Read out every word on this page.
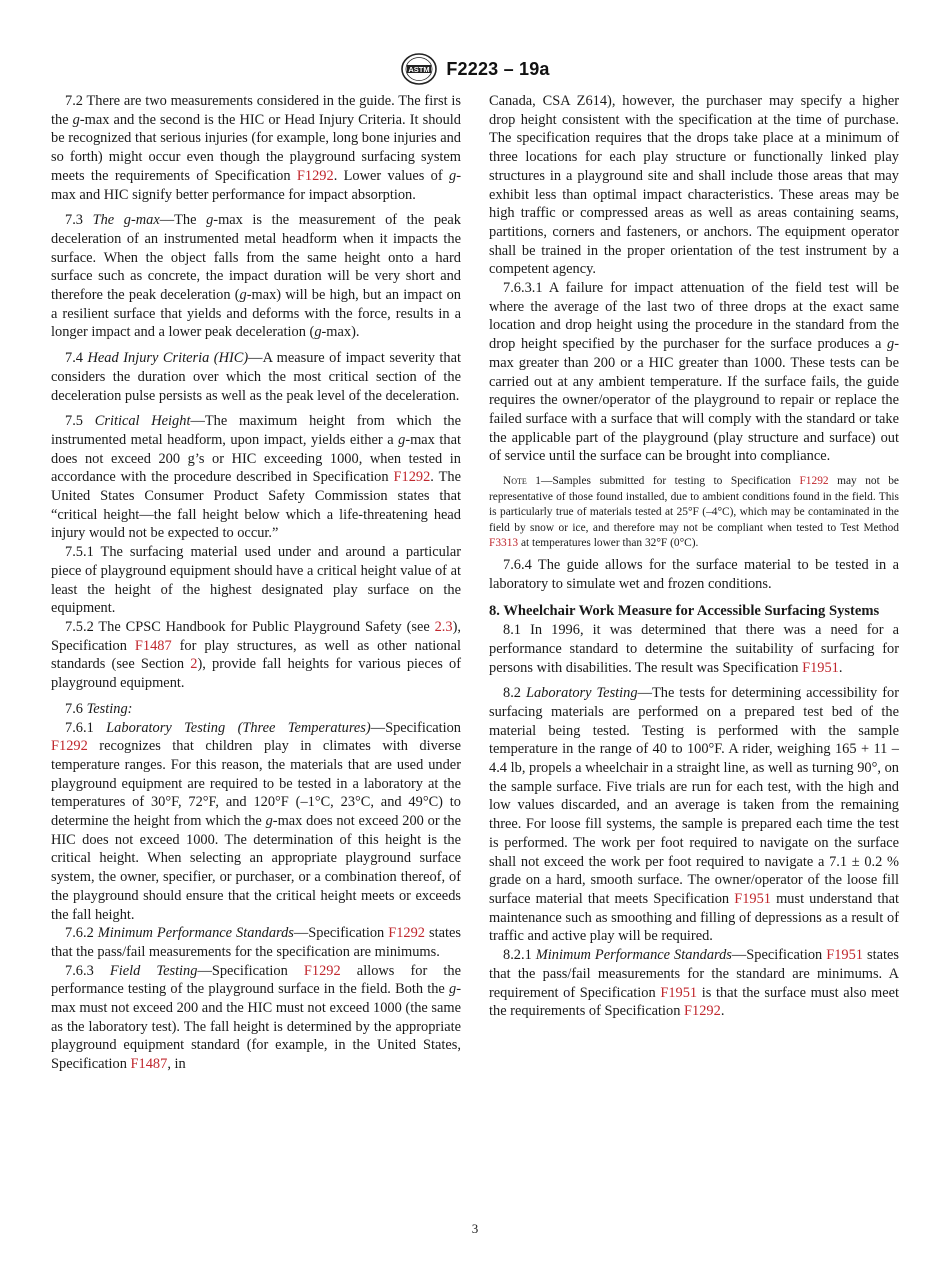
ASTM F2223 – 19a

7.2 There are two measurements considered in the guide. The first is the g-max and the second is the HIC or Head Injury Criteria. It should be recognized that serious injuries (for example, long bone injuries and so forth) might occur even though the playground surfacing system meets the requirements of Specification F1292. Lower values of g-max and HIC signify better performance for impact absorption.

7.3 The g-max—The g-max is the measurement of the peak deceleration of an instrumented metal headform when it impacts the surface. When the object falls from the same height onto a hard surface such as concrete, the impact duration will be very short and therefore the peak deceleration (g-max) will be high, but an impact on a resilient surface that yields and deforms with the force, results in a longer impact and a lower peak deceleration (g-max).

7.4 Head Injury Criteria (HIC)—A measure of impact severity that considers the duration over which the most critical section of the deceleration pulse persists as well as the peak level of the deceleration.

7.5 Critical Height—The maximum height from which the instrumented metal headform, upon impact, yields either a g-max that does not exceed 200 g’s or HIC exceeding 1000, when tested in accordance with the procedure described in Specification F1292. The United States Consumer Product Safety Commission states that “critical height—the fall height below which a life-threatening head injury would not be expected to occur.”

7.5.1 The surfacing material used under and around a particular piece of playground equipment should have a critical height value of at least the height of the highest designated play surface on the equipment.

7.5.2 The CPSC Handbook for Public Playground Safety (see 2.3), Specification F1487 for play structures, as well as other national standards (see Section 2), provide fall heights for various pieces of playground equipment.

7.6 Testing:

7.6.1 Laboratory Testing (Three Temperatures)—Specification F1292 recognizes that children play in climates with diverse temperature ranges. For this reason, the materials that are used under playground equipment are required to be tested in a laboratory at the temperatures of 30°F, 72°F, and 120°F (–1°C, 23°C, and 49°C) to determine the height from which the g-max does not exceed 200 or the HIC does not exceed 1000. The determination of this height is the critical height. When selecting an appropriate playground surface system, the owner, specifier, or purchaser, or a combination thereof, of the playground should ensure that the critical height meets or exceeds the fall height.

7.6.2 Minimum Performance Standards—Specification F1292 states that the pass/fail measurements for the specification are minimums.

7.6.3 Field Testing—Specification F1292 allows for the performance testing of the playground surface in the field. Both the g-max must not exceed 200 and the HIC must not exceed 1000 (the same as the laboratory test). The fall height is determined by the appropriate playground equipment standard (for example, in the United States, Specification F1487, in

Canada, CSA Z614), however, the purchaser may specify a higher drop height consistent with the specification at the time of purchase. The specification requires that the drops take place at a minimum of three locations for each play structure or functionally linked play structures in a playground site and shall include those areas that may exhibit less than optimal impact characteristics. These areas may be high traffic or compressed areas as well as areas containing seams, partitions, corners and fasteners, or anchors. The equipment operator shall be trained in the proper orientation of the test instrument by a competent agency.

7.6.3.1 A failure for impact attenuation of the field test will be where the average of the last two of three drops at the exact same location and drop height using the procedure in the standard from the drop height specified by the purchaser for the surface produces a g-max greater than 200 or a HIC greater than 1000. These tests can be carried out at any ambient temperature. If the surface fails, the guide requires the owner/operator of the playground to repair or replace the failed surface with a surface that will comply with the standard or take the applicable part of the playground (play structure and surface) out of service until the surface can be brought into compliance.

Note 1—Samples submitted for testing to Specification F1292 may not be representative of those found installed, due to ambient conditions found in the field. This is particularly true of materials tested at 25°F (–4°C), which may be contaminated in the field by snow or ice, and therefore may not be compliant when tested to Test Method F3313 at temperatures lower than 32°F (0°C).

7.6.4 The guide allows for the surface material to be tested in a laboratory to simulate wet and frozen conditions.

8. Wheelchair Work Measure for Accessible Surfacing Systems

8.1 In 1996, it was determined that there was a need for a performance standard to determine the suitability of surfacing for persons with disabilities. The result was Specification F1951.

8.2 Laboratory Testing—The tests for determining accessibility for surfacing materials are performed on a prepared test bed of the material being tested. Testing is performed with the sample temperature in the range of 40 to 100°F. A rider, weighing 165 + 11 – 4.4 lb, propels a wheelchair in a straight line, as well as turning 90°, on the sample surface. Five trials are run for each test, with the high and low values discarded, and an average is taken from the remaining three. For loose fill systems, the sample is prepared each time the test is performed. The work per foot required to navigate on the surface shall not exceed the work per foot required to navigate a 7.1 ± 0.2 % grade on a hard, smooth surface. The owner/operator of the loose fill surface material that meets Specification F1951 must understand that maintenance such as smoothing and filling of depressions as a result of traffic and active play will be required.

8.2.1 Minimum Performance Standards—Specification F1951 states that the pass/fail measurements for the standard are minimums. A requirement of Specification F1951 is that the surface must also meet the requirements of Specification F1292.

3
